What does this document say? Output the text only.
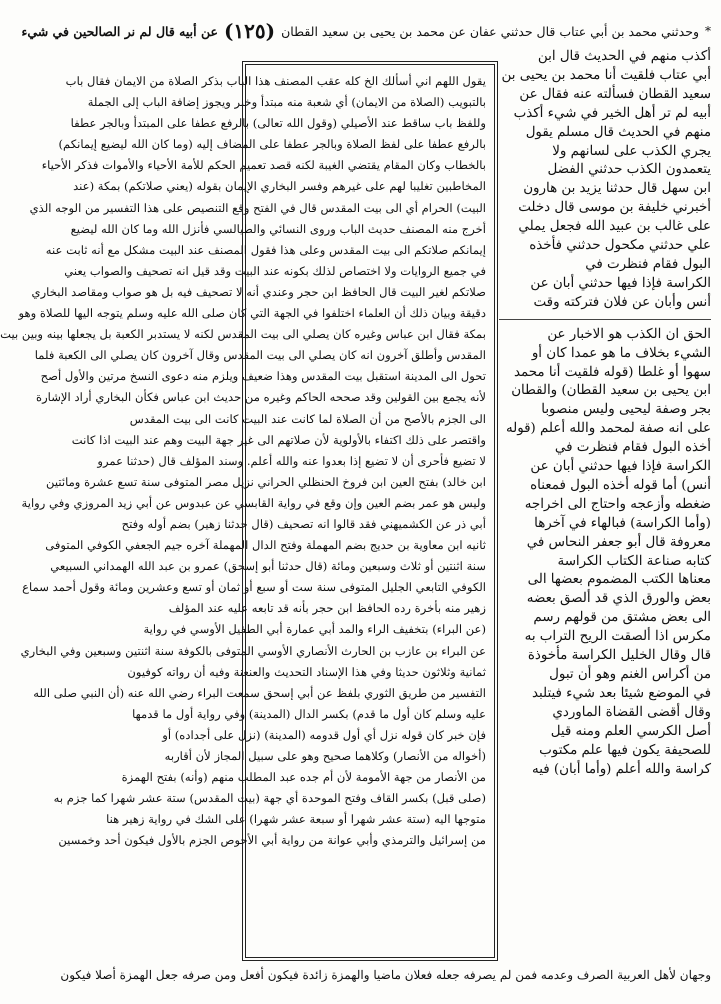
*
وحدثني محمد بن أبي عتاب قال حدثني عفان عن محمد بن يحيى بن سعيد القطان
(١٢٥)
عن أبيه قال لم نر الصالحين في شيء
أكذب منهم في الحديث قال ابن
أبي عتاب فلقيت أنا محمد بن يحيى بن
سعيد القطان فسألته عنه فقال عن
أبيه لم تر أهل الخير في شيء أكذب
منهم في الحديث قال مسلم يقول
يجري الكذب على لسانهم ولا
يتعمدون الكذب حدثني الفضل
ابن سهل قال حدثنا يزيد بن هارون
أخبرني خليفة بن موسى قال دخلت
على غالب بن عبيد الله فجعل يملي
علي حدثني مكحول حدثني فأخذه
البول فقام فنظرت في
الكراسة فإذا فيها حدثني أبان عن
أنس وأبان عن فلان فتركته وقت
الحق ان الكذب هو الاخبار عن
الشيء بخلاف ما هو عمدا كان أو
سهوا أو غلطا (قوله فلقيت أنا محمد
ابن يحيى بن سعيد القطان) والقطان
بجر وصفة ليحيى وليس منصوبا
على انه صفة لمحمد والله أعلم (قوله
أخذه البول فقام فنظرت في
الكراسة فإذا فيها حدثني أبان عن
أنس) أما قوله أخذه البول فمعناه
ضغطه وأزعجه واحتاج الى اخراجه
(وأما الكراسة) فبالهاء في آخرها
معروفة قال أبو جعفر النحاس في
كتابه صناعة الكتاب الكراسة
معناها الكتب المضموم بعضها الى
بعض والورق الذي قد ألصق بعضه
الى بعض مشتق من قولهم رسم
مكرس اذا ألصقت الريح التراب به
قال وقال الخليل الكراسة مأخوذة
من أكراس الغنم وهو أن تبول
في الموضع شيئا بعد شيء فيتلبد
وقال أقضى القضاة الماوردي
أصل الكرسي العلم ومنه قيل
للصحيفة يكون فيها علم مكتوب
كراسة والله أعلم (وأما أبان) فيه
يقول اللهم اني أسألك الخ كله عقب المصنف هذا الباب بذكر الصلاة من الايمان فقال باب
بالتبويب (الصلاة من الايمان) أي شعبة منه مبتدأ وخبر ويجوز إضافة الباب إلى الجملة
وللفظ باب ساقط عند الأصيلي (وقول الله تعالى) بالرفع عطفا على المبتدأ وبالجر عطفا
بالرفع عطفا على لفظ الصلاة وبالجر عطفا على المضاف إليه (وما كان الله ليضيع إيمانكم)
بالخطاب وكان المقام يقتضي الغيبة لكنه قصد تعميم الحكم للأمة الأحياء والأموات فذكر الأحياء
المخاطبين تغليبا لهم على غيرهم وفسر البخاري الإيمان بقوله (يعني صلاتكم) بمكة (عند
البيت) الحرام أي الى بيت المقدس قال في الفتح وقع التنصيص على هذا التفسير من الوجه الذي
أخرج منه المصنف حديث الباب وروى النسائي والطيالسي فأنزل الله وما كان الله ليضيع
إيمانكم صلاتكم الى بيت المقدس وعلى هذا فقول المصنف عند البيت مشكل مع أنه ثابت عنه
في جميع الروايات ولا اختصاص لذلك بكونه عند البيت وقد قيل انه تصحيف والصواب يعني
صلاتكم لغير البيت قال الحافظ ابن حجر وعندي أنه لا تصحيف فيه بل هو صواب ومقاصد البخاري
دقيقة وبيان ذلك أن العلماء اختلفوا في الجهة التي كان صلى الله عليه وسلم يتوجه اليها للصلاة وهو
بمكة فقال ابن عباس وغيره كان يصلي الى بيت المقدس لكنه لا يستدبر الكعبة بل يجعلها بينه وبين بيت
المقدس وأطلق آخرون انه كان يصلي الى بيت المقدس وقال آخرون كان يصلي الى الكعبة فلما
تحول الى المدينة استقبل بيت المقدس وهذا ضعيف ويلزم منه دعوى النسخ مرتين والأول أصح
لأنه يجمع بين القولين وقد صححه الحاكم وغيره من حديث ابن عباس فكأن البخاري أراد الإشارة
الى الجزم بالأصح من أن الصلاة لما كانت عند البيت كانت الى بيت المقدس
واقتصر على ذلك اكتفاء بالأولوية لأن صلاتهم الى غير جهة البيت وهم عند البيت اذا كانت
لا تضيع فأحرى أن لا تضيع إذا بعدوا عنه والله أعلم. وسند المؤلف قال (حدثنا عمرو
ابن خالد) بفتح العين ابن فروخ الحنظلي الحراني نزيل مصر المتوفى سنة تسع عشرة ومائتين
وليس هو عمر بضم العين وإن وقع في رواية القابسي عن عبدوس عن أبي زيد المروزي وفي رواية
أبي ذر عن الكشميهني فقد قالوا انه تصحيف (قال حدثنا زهير) بضم أوله وفتح
ثانيه ابن معاوية بن حديج بضم المهملة وفتح الدال المهملة آخره جيم الجعفي الكوفي المتوفى
سنة اثنتين أو ثلاث وسبعين ومائة (قال حدثنا أبو إسحق) عمرو بن عبد الله الهمداني السبيعي
الكوفي التابعي الجليل المتوفى سنة ست أو سبع أو ثمان أو تسع وعشرين ومائة وقول أحمد سماع
زهير منه بأخرة رده الحافظ ابن حجر بأنه قد تابعه عليه عند المؤلف
(عن البراء) بتخفيف الراء والمد أبي عمارة أبي الطفيل الأوسي في رواية
عن البراء بن عازب بن الحارث الأنصاري الأوسي المتوفى بالكوفة سنة اثنتين وسبعين وفي البخاري
ثمانية وثلاثون حديثا وفي هذا الإسناد التحديث والعنعنة وفيه أن رواته كوفيون
التفسير من طريق الثوري بلفظ عن أبي إسحق سمعت البراء رضي الله عنه (أن النبي صلى الله
عليه وسلم كان أول ما قدم) بكسر الدال (المدينة) وفي رواية أول ما قدمها
فإن خبر كان قوله نزل أي أول قدومه (المدينة) (نزل على أجداده) أو
(أخواله من الأنصار) وكلاهما صحيح وهو على سبيل المجاز لأن أقاربه
من الأنصار من جهة الأمومة لأن أم جده عبد المطلب منهم (وأنه) بفتح الهمزة
(صلى قبل) بكسر القاف وفتح الموحدة أي جهة (بيت المقدس) ستة عشر شهرا كما جزم به
متوجها اليه (ستة عشر شهرا أو سبعة عشر شهرا) على الشك في رواية زهير هنا
من إسرائيل والترمذي وأبي عوانة من رواية أبي الأحوص الجزم بالأول فيكون أحد وخمسين
وجهان لأهل العربية الصرف وعدمه فمن لم يصرفه جعله فعلان ماضيا والهمزة زائدة فيكون أفعل ومن صرفه جعل الهمزة أصلا فيكون
